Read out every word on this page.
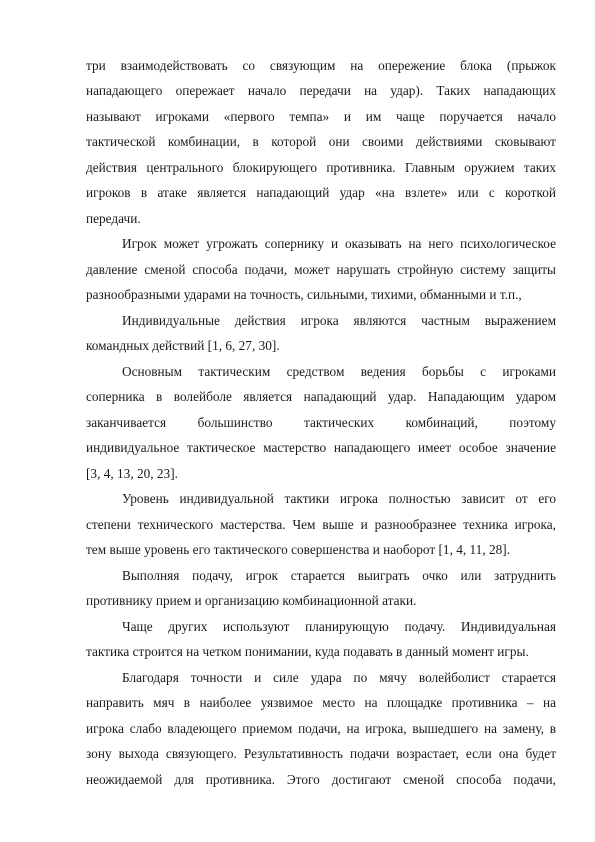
три взаимодействовать со связующим на опережение блока (прыжок
нападающего опережает начало передачи на удар). Таких нападающих
называют игроками «первого темпа» и им чаще поручается начало
тактической комбинации, в которой они своими действиями сковывают
действия центрального блокирующего противника. Главным оружием таких
игроков в атаке является нападающий удар «на взлете» или с короткой
передачи.
Игрок может угрожать сопернику и оказывать на него психологическое
давление сменой способа подачи, может нарушать стройную систему защиты
разнообразными ударами на точность, сильными, тихими, обманными и т.п.,
Индивидуальные действия игрока являются частным выражением
командных действий [1, 6, 27, 30].
Основным тактическим средством ведения борьбы с игроками
соперника в волейболе является нападающий удар. Нападающим ударом
заканчивается большинство тактических комбинаций, поэтому
индивидуальное тактическое мастерство нападающего имеет особое значение
[3, 4, 13, 20, 23].
Уровень индивидуальной тактики игрока полностью зависит от его
степени технического мастерства. Чем выше и разнообразнее техника игрока,
тем выше уровень его тактического совершенства и наоборот [1, 4, 11, 28].
Выполняя подачу, игрок старается выиграть очко или затруднить
противнику прием и организацию комбинационной атаки.
Чаще других используют планирующую подачу. Индивидуальная
тактика строится на четком понимании, куда подавать в данный момент игры.
Благодаря точности и силе удара по мячу волейболист старается
направить мяч в наиболее уязвимое место на площадке противника – на
игрока слабо владеющего приемом подачи, на игрока, вышедшего на замену, в
зону выхода связующего. Результативность подачи возрастает, если она будет
неожидаемой для противника. Этого достигают сменой способа подачи,
